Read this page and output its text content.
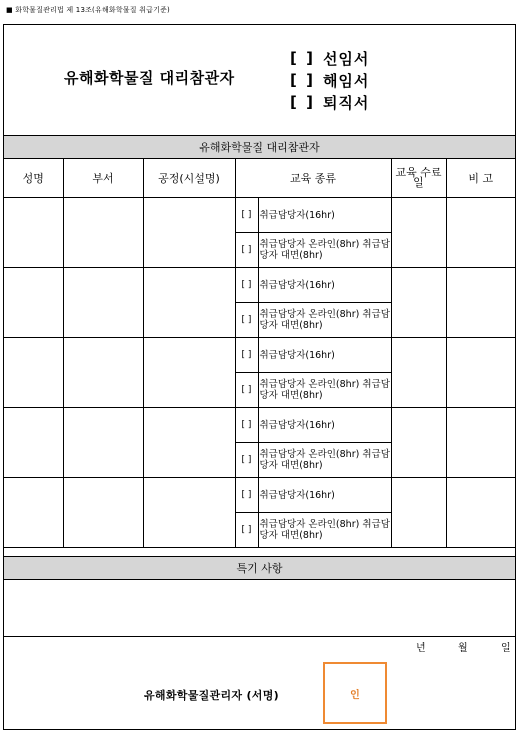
■ 화학물질관리법 제 13조(유해화학물질 취급기준)
유해화학물질 대리참관자
[ ] 선임서
[ ] 해임서
[ ] 퇴직서
유해화학물질 대리참관자
성명	부서	공정(시설명)	교육 종류		교육 수료일	비 고
			[ ]	취급담당자(16hr)		
			[ ]	취급담당자 온라인(8hr) 취급담당자 대면(8hr)		
			[ ]	취급담당자(16hr)		
			[ ]	취급담당자 온라인(8hr) 취급담당자 대면(8hr)		
			[ ]	취급담당자(16hr)		
			[ ]	취급담당자 온라인(8hr) 취급담당자 대면(8hr)		
			[ ]	취급담당자(16hr)		
			[ ]	취급담당자 온라인(8hr) 취급담당자 대면(8hr)		
			[ ]	취급담당자(16hr)		
			[ ]	취급담당자 온라인(8hr) 취급담당자 대면(8hr)		
특기 사항
년	월	일
유해화학물질관리자 (서명)	인
